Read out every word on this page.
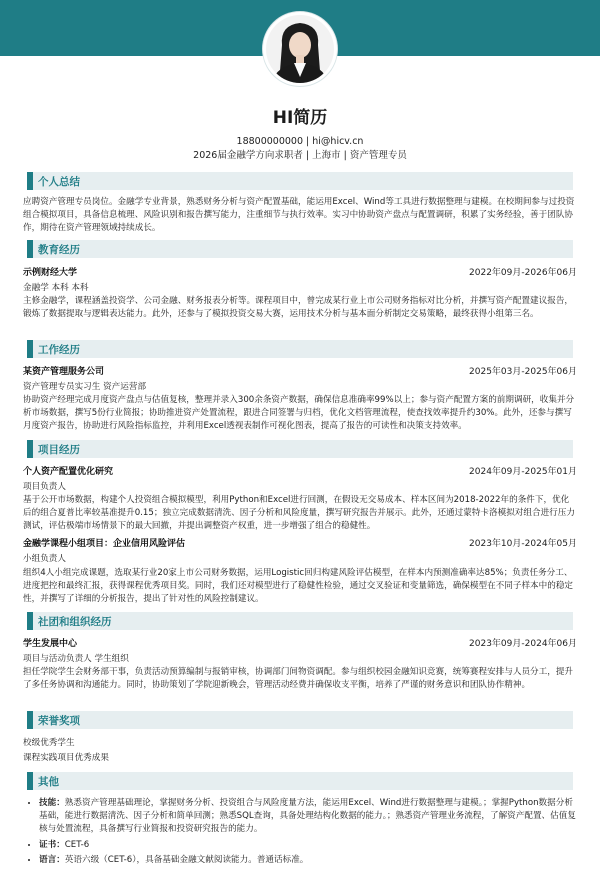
HI简历
18800000000 | hi@hicv.cn
2026届金融学方向求职者 | 上海市 | 资产管理专员
个人总结
应聘资产管理专员岗位。金融学专业背景，熟悉财务分析与资产配置基础，能运用Excel、Wind等工具进行数据整理与建模。在校期间参与过投资组合模拟项目，具备信息梳理、风险识别和报告撰写能力，注重细节与执行效率。实习中协助资产盘点与配置调研，积累了实务经验，善于团队协作，期待在资产管理领域持续成长。
教育经历
示例财经大学	2022年09月-2026年06月
金融学 本科 本科
主修金融学，课程涵盖投资学、公司金融、财务报表分析等。课程项目中，曾完成某行业上市公司财务指标对比分析，并撰写资产配置建议报告，锻炼了数据提取与逻辑表达能力。此外，还参与了模拟投资交易大赛，运用技术分析与基本面分析制定交易策略，最终获得小组第三名。
工作经历
某资产管理服务公司	2025年03月-2025年06月
资产管理专员实习生 资产运营部
协助资产经理完成月度资产盘点与估值复核，整理并录入300余条资产数据，确保信息准确率99%以上；参与资产配置方案的前期调研，收集并分析市场数据，撰写5份行业简报；协助推进资产处置流程，跟进合同签署与归档，优化文档管理流程，使查找效率提升约30%。此外，还参与撰写月度资产报告，协助进行风险指标监控，并利用Excel透视表制作可视化图表，提高了报告的可读性和决策支持效率。
项目经历
个人资产配置优化研究	2024年09月-2025年01月
项目负责人
基于公开市场数据，构建个人投资组合模拟模型，利用Python和Excel进行回测，在假设无交易成本、样本区间为2018-2022年的条件下，优化后的组合夏普比率较基准提升0.15；独立完成数据清洗、因子分析和风险度量，撰写研究报告并展示。此外，还通过蒙特卡洛模拟对组合进行压力测试，评估极端市场情景下的最大回撤，并提出调整资产权重，进一步增强了组合的稳健性。
金融学课程小组项目：企业信用风险评估	2023年10月-2024年05月
小组负责人
组织4人小组完成课题，选取某行业20家上市公司财务数据，运用Logistic回归构建风险评估模型，在样本内预测准确率达85%；负责任务分工、进度把控和最终汇报，获得课程优秀项目奖。同时，我们还对模型进行了稳健性检验，通过交叉验证和变量筛选，确保模型在不同子样本中的稳定性，并撰写了详细的分析报告，提出了针对性的风险控制建议。
社团和组织经历
学生发展中心	2023年09月-2024年06月
项目与活动负责人 学生组织
担任学院学生会财务部干事，负责活动预算编制与报销审核，协调部门间物资调配。参与组织校园金融知识竞赛，统筹赛程安排与人员分工，提升了多任务协调和沟通能力。同时，协助策划了学院迎新晚会，管理活动经费并确保收支平衡，培养了严谨的财务意识和团队协作精神。
荣誉奖项
校级优秀学生
课程实践项目优秀成果
其他
• 技能：熟悉资产管理基础理论，掌握财务分析、投资组合与风险度量方法，能运用Excel、Wind进行数据整理与建模。；掌握Python数据分析基础，能进行数据清洗、因子分析和简单回测；熟悉SQL查询，具备处理结构化数据的能力。；熟悉资产管理业务流程，了解资产配置、估值复核与处置流程，具备撰写行业简报和投资研究报告的能力。
• 证书：CET-6
• 语言：英语六级（CET-6），具备基础金融文献阅读能力。普通话标准。
